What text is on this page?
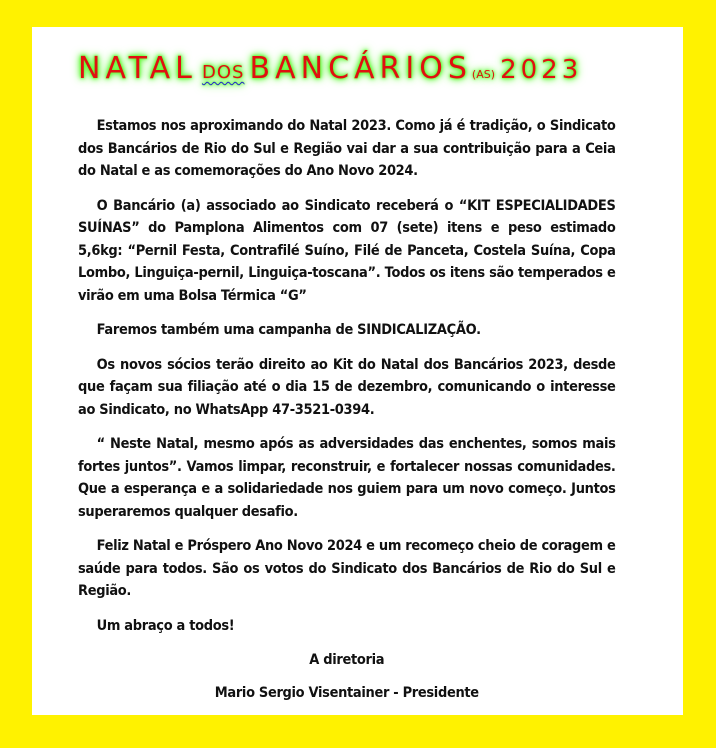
NATAL DOS BANCÁRIOS(AS) 2023

Estamos nos aproximando do Natal 2023. Como já é tradição, o Sindicato dos Bancários de Rio do Sul e Região vai dar a sua contribuição para a Ceia do Natal e as comemorações do Ano Novo 2024.

O Bancário (a) associado ao Sindicato receberá o “KIT ESPECIALIDADES SUÍNAS” do Pamplona Alimentos com 07 (sete) itens e peso estimado 5,6kg: “Pernil Festa, Contrafilé Suíno, Filé de Panceta, Costela Suína, Copa Lombo, Linguiça-pernil, Linguiça-toscana”. Todos os itens são temperados e virão em uma Bolsa Térmica “G”

Faremos também uma campanha de SINDICALIZAÇÃO.

Os novos sócios terão direito ao Kit do Natal dos Bancários 2023, desde que façam sua filiação até o dia 15 de dezembro, comunicando o interesse ao Sindicato, no WhatsApp 47-3521-0394.

“ Neste Natal, mesmo após as adversidades das enchentes, somos mais fortes juntos”. Vamos limpar, reconstruir, e fortalecer nossas comunidades. Que a esperança e a solidariedade nos guiem para um novo começo. Juntos superaremos qualquer desafio.

Feliz Natal e Próspero Ano Novo 2024 e um recomeço cheio de coragem e saúde para todos. São os votos do Sindicato dos Bancários de Rio do Sul e Região.

Um abraço a todos!

A diretoria

Mario Sergio Visentainer - Presidente
